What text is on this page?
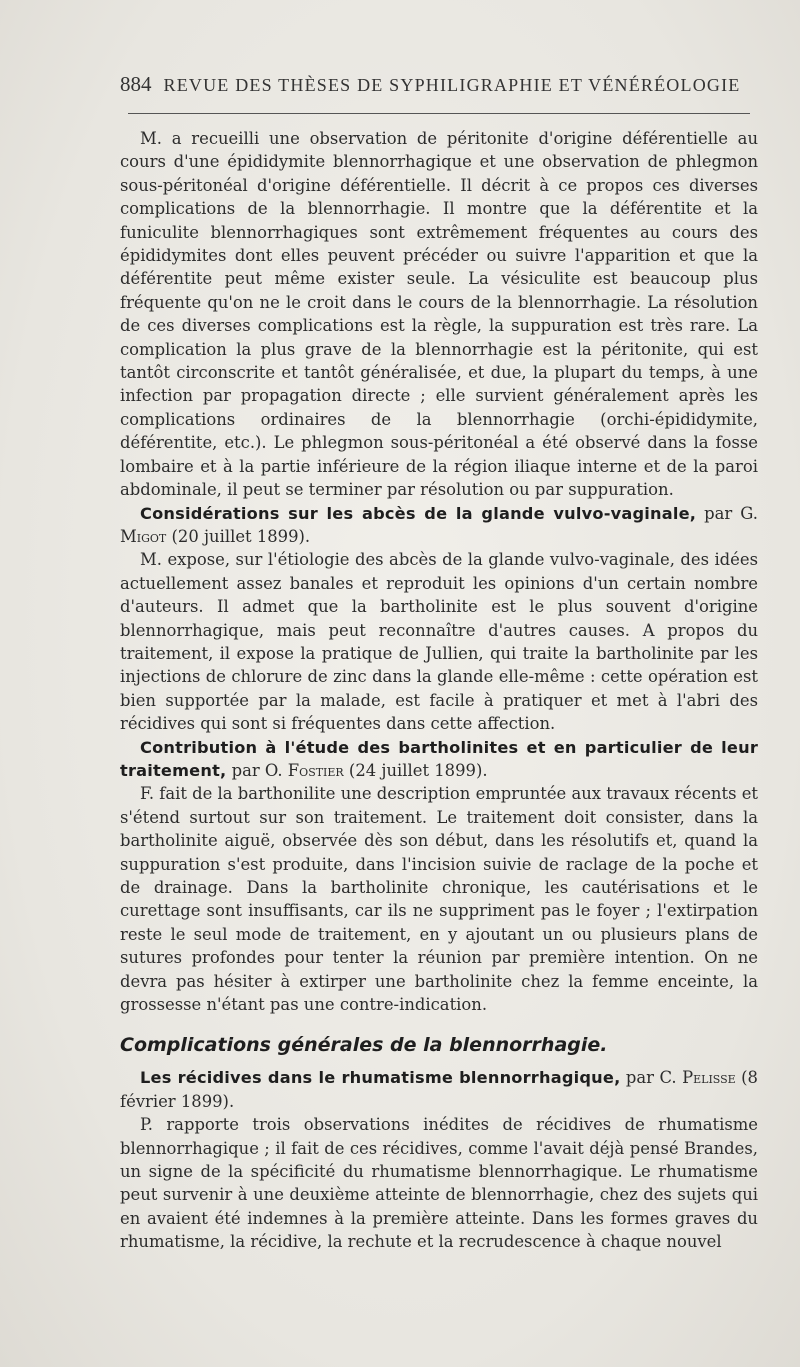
884 REVUE DES THÈSES DE SYPHILIGRAPHIE ET VÉNÉRÉOLOGIE

M. a recueilli une observation de péritonite d'origine déférentielle au cours d'une épididymite blennorrhagique et une observation de phlegmon sous-péritonéal d'origine déférentielle. Il décrit à ce propos ces diverses complications de la blennorrhagie. Il montre que la déférentite et la funiculite blennorrhagiques sont extrêmement fréquentes au cours des épididymites dont elles peuvent précéder ou suivre l'apparition et que la déférentite peut même exister seule. La vésiculite est beaucoup plus fréquente qu'on ne le croit dans le cours de la blennorrhagie. La résolution de ces diverses complications est la règle, la suppuration est très rare. La complication la plus grave de la blennorrhagie est la péritonite, qui est tantôt circonscrite et tantôt généralisée, et due, la plupart du temps, à une infection par propagation directe ; elle survient généralement après les complications ordinaires de la blennorrhagie (orchi-épididymite, déférentite, etc.). Le phlegmon sous-péritonéal a été observé dans la fosse lombaire et à la partie inférieure de la région iliaque interne et de la paroi abdominale, il peut se terminer par résolution ou par suppuration.

Considérations sur les abcès de la glande vulvo-vaginale, par G. Migot (20 juillet 1899).

M. expose, sur l'étiologie des abcès de la glande vulvo-vaginale, des idées actuellement assez banales et reproduit les opinions d'un certain nombre d'auteurs. Il admet que la bartholinite est le plus souvent d'origine blennorrhagique, mais peut reconnaître d'autres causes. A propos du traitement, il expose la pratique de Jullien, qui traite la bartholinite par les injections de chlorure de zinc dans la glande elle-même : cette opération est bien supportée par la malade, est facile à pratiquer et met à l'abri des récidives qui sont si fréquentes dans cette affection.

Contribution à l'étude des bartholinites et en particulier de leur traitement, par O. Fostier (24 juillet 1899).

F. fait de la barthonilite une description empruntée aux travaux récents et s'étend surtout sur son traitement. Le traitement doit consister, dans la bartholinite aiguë, observée dès son début, dans les résolutifs et, quand la suppuration s'est produite, dans l'incision suivie de raclage de la poche et de drainage. Dans la bartholinite chronique, les cautérisations et le curettage sont insuffisants, car ils ne suppriment pas le foyer ; l'extirpation reste le seul mode de traitement, en y ajoutant un ou plusieurs plans de sutures profondes pour tenter la réunion par première intention. On ne devra pas hésiter à extirper une bartholinite chez la femme enceinte, la grossesse n'étant pas une contre-indication.

Complications générales de la blennorrhagie.

Les récidives dans le rhumatisme blennorrhagique, par C. Pelisse (8 février 1899).

P. rapporte trois observations inédites de récidives de rhumatisme blennorrhagique ; il fait de ces récidives, comme l'avait déjà pensé Brandes, un signe de la spécificité du rhumatisme blennorrhagique. Le rhumatisme peut survenir à une deuxième atteinte de blennorrhagie, chez des sujets qui en avaient été indemnes à la première atteinte. Dans les formes graves du rhumatisme, la récidive, la rechute et la recrudescence à chaque nouvel
